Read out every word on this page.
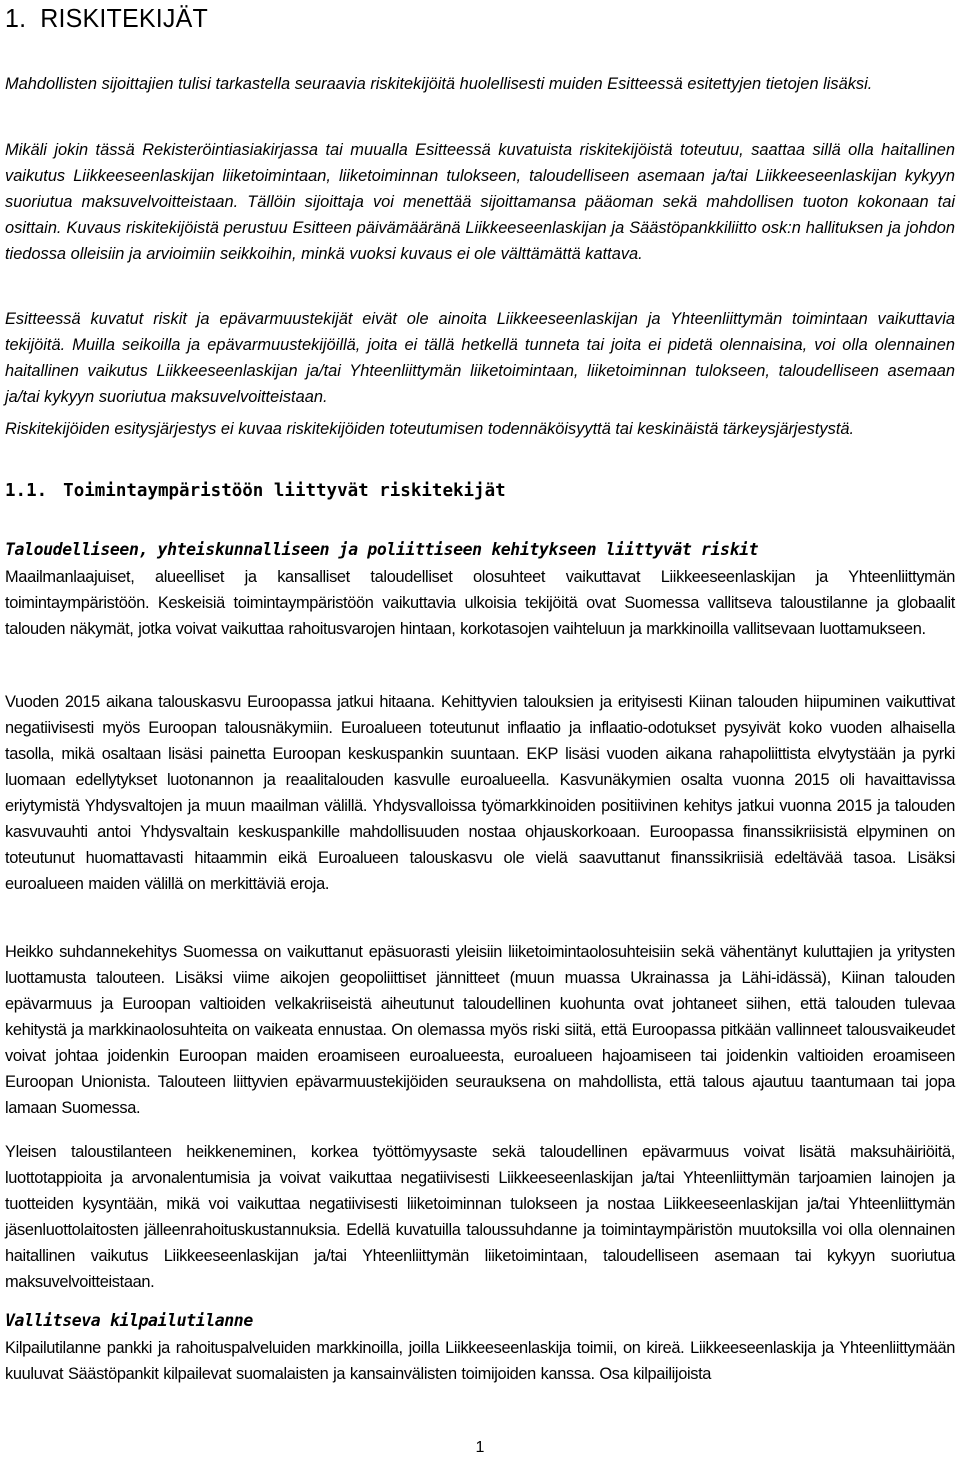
1. RISKITEKIJÄT

Mahdollisten sijoittajien tulisi tarkastella seuraavia riskitekijöitä huolellisesti muiden Esitteessä esitettyjen tietojen lisäksi.

Mikäli jokin tässä Rekisteröintiasiakirjassa tai muualla Esitteessä kuvatuista riskitekijöistä toteutuu, saattaa sillä olla haitallinen vaikutus Liikkeeseenlaskijan liiketoimintaan, liiketoiminnan tulokseen, taloudelliseen asemaan ja/tai Liikkeeseenlaskijan kykyyn suoriutua maksuvelvoitteistaan. Tällöin sijoittaja voi menettää sijoittamansa pääoman sekä mahdollisen tuoton kokonaan tai osittain. Kuvaus riskitekijöistä perustuu Esitteen päivämääränä Liikkeeseenlaskijan ja Säästöpankkiliitto osk:n hallituksen ja johdon tiedossa olleisiin ja arvioimiin seikkoihin, minkä vuoksi kuvaus ei ole välttämättä kattava.

Esitteessä kuvatut riskit ja epävarmuustekijät eivät ole ainoita Liikkeeseenlaskijan ja Yhteenliittymän toimintaan vaikuttavia tekijöitä. Muilla seikoilla ja epävarmuustekijöillä, joita ei tällä hetkellä tunneta tai joita ei pidetä olennaisina, voi olla olennainen haitallinen vaikutus Liikkeeseenlaskijan ja/tai Yhteenliittymän liiketoimintaan, liiketoiminnan tulokseen, taloudelliseen asemaan ja/tai kykyyn suoriutua maksuvelvoitteistaan.

Riskitekijöiden esitysjärjestys ei kuvaa riskitekijöiden toteutumisen todennäköisyyttä tai keskinäistä tärkeysjärjestystä.

1.1. Toimintaympäristöön liittyvät riskitekijät
Taloudelliseen, yhteiskunnalliseen ja poliittiseen kehitykseen liittyvät riskit

Maailmanlaajuiset, alueelliset ja kansalliset taloudelliset olosuhteet vaikuttavat Liikkeeseenlaskijan ja Yhteenliittymän toimintaympäristöön. Keskeisiä toimintaympäristöön vaikuttavia ulkoisia tekijöitä ovat Suomessa vallitseva taloustilanne ja globaalit talouden näkymät, jotka voivat vaikuttaa rahoitusvarojen hintaan, korkotasojen vaihteluun ja markkinoilla vallitsevaan luottamukseen.

Vuoden 2015 aikana talouskasvu Euroopassa jatkui hitaana. Kehittyvien talouksien ja erityisesti Kiinan talouden hiipuminen vaikuttivat negatiivisesti myös Euroopan talousnäkymiin. Euroalueen toteutunut inflaatio ja inflaatio-odotukset pysyivät koko vuoden alhaisella tasolla, mikä osaltaan lisäsi painetta Euroopan keskuspankin suuntaan. EKP lisäsi vuoden aikana rahapoliittista elvytystään ja pyrki luomaan edellytykset luotonannon ja reaalitalouden kasvulle euroalueella. Kasvunäkymien osalta vuonna 2015 oli havaittavissa eriytymistä Yhdysvaltojen ja muun maailman välillä. Yhdysvalloissa työmarkkinoiden positiivinen kehitys jatkui vuonna 2015 ja talouden kasvuvauhti antoi Yhdysvaltain keskuspankille mahdollisuuden nostaa ohjauskorkoaan. Euroopassa finanssikriisistä elpyminen on toteutunut huomattavasti hitaammin eikä Euroalueen talouskasvu ole vielä saavuttanut finanssikriisiä edeltävää tasoa. Lisäksi euroalueen maiden välillä on merkittäviä eroja.

Heikko suhdannekehitys Suomessa on vaikuttanut epäsuorasti yleisiin liiketoimintaolosuhteisiin sekä vähentänyt kuluttajien ja yritysten luottamusta talouteen. Lisäksi viime aikojen geopoliittiset jännitteet (muun muassa Ukrainassa ja Lähi-idässä), Kiinan talouden epävarmuus ja Euroopan valtioiden velkakriiseistä aiheutunut taloudellinen kuohunta ovat johtaneet siihen, että talouden tulevaa kehitystä ja markkinaolosuhteita on vaikeata ennustaa. On olemassa myös riski siitä, että Euroopassa pitkään vallinneet talousvaikeudet voivat johtaa joidenkin Euroopan maiden eroamiseen euroalueesta, euroalueen hajoamiseen tai joidenkin valtioiden eroamiseen Euroopan Unionista. Talouteen liittyvien epävarmuustekijöiden seurauksena on mahdollista, että talous ajautuu taantumaan tai jopa lamaan Suomessa.

Yleisen taloustilanteen heikkeneminen, korkea työttömyysaste sekä taloudellinen epävarmuus voivat lisätä maksuhäiriöitä, luottotappioita ja arvonalentumisia ja voivat vaikuttaa negatiivisesti Liikkeeseenlaskijan ja/tai Yhteenliittymän tarjoamien lainojen ja tuotteiden kysyntään, mikä voi vaikuttaa negatiivisesti liiketoiminnan tulokseen ja nostaa Liikkeeseenlaskijan ja/tai Yhteenliittymän jäsenluottolaitosten jälleenrahoituskustannuksia. Edellä kuvatuilla taloussuhdanne ja toimintaympäristön muutoksilla voi olla olennainen haitallinen vaikutus Liikkeeseenlaskijan ja/tai Yhteenliittymän liiketoimintaan, taloudelliseen asemaan tai kykyyn suoriutua maksuvelvoitteistaan.

Vallitseva kilpailutilanne

Kilpailutilanne pankki ja rahoituspalveluiden markkinoilla, joilla Liikkeeseenlaskija toimii, on kireä. Liikkeeseenlaskija ja Yhteenliittymään kuuluvat Säästöpankit kilpailevat suomalaisten ja kansainvälisten toimijoiden kanssa. Osa kilpailijoista

1
